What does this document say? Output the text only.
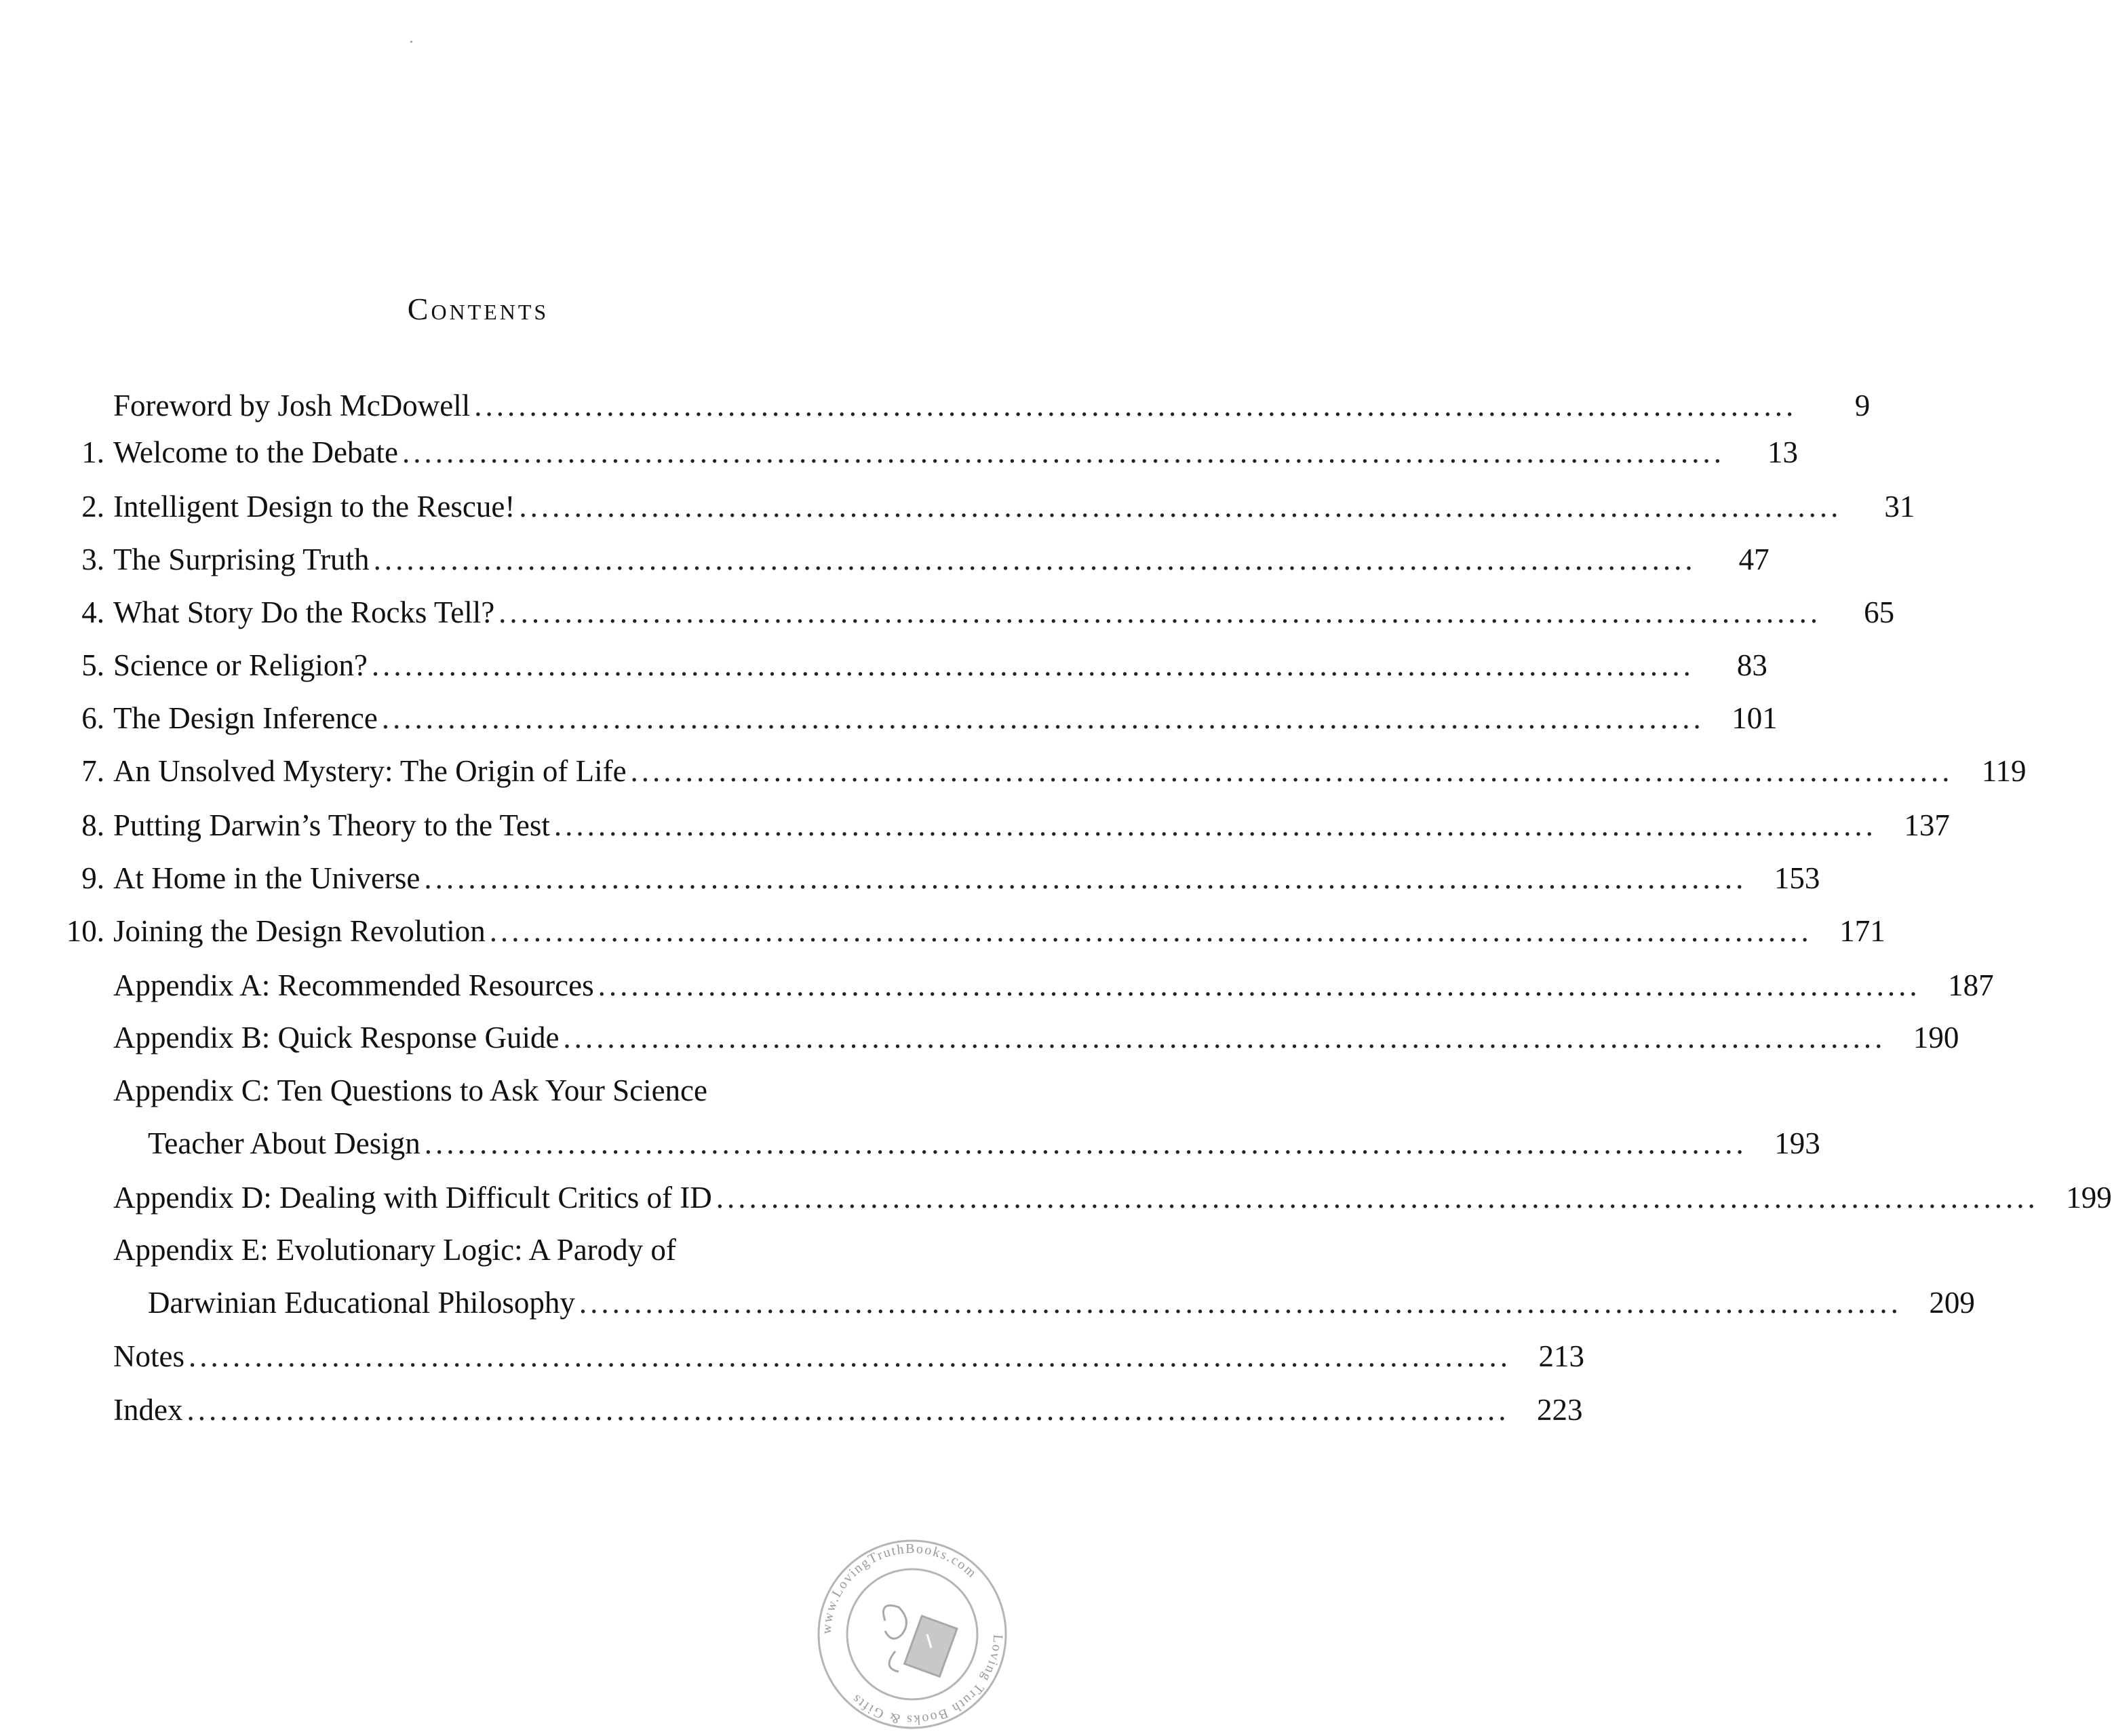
Contents
Foreword by Josh McDowell ........................................................................................................................	9
1. Welcome to the Debate ........................................................................................................................	13
2. Intelligent Design to the Rescue! ........................................................................................................................	31
3. The Surprising Truth ........................................................................................................................	47
4. What Story Do the Rocks Tell? ........................................................................................................................	65
5. Science or Religion? ........................................................................................................................	83
6. The Design Inference ........................................................................................................................ 101
7. An Unsolved Mystery: The Origin of Life ........................................................................................................................ 119
8. Putting Darwin’s Theory to the Test ........................................................................................................................ 137
9. At Home in the Universe ........................................................................................................................ 153
10. Joining the Design Revolution ........................................................................................................................ 171
Appendix A: Recommended Resources ........................................................................................................................ 187
Appendix B: Quick Response Guide ........................................................................................................................ 190
Appendix C: Ten Questions to Ask Your Science
Teacher About Design ........................................................................................................................ 193
Appendix D: Dealing with Difficult Critics of ID ........................................................................................................................ 199
Appendix E: Evolutionary Logic: A Parody of
Darwinian Educational Philosophy ........................................................................................................................ 209
Notes ........................................................................................................................ 213
Index ........................................................................................................................ 223
www.LovingTruthBooks.com
Loving Truth Books & Gifts
